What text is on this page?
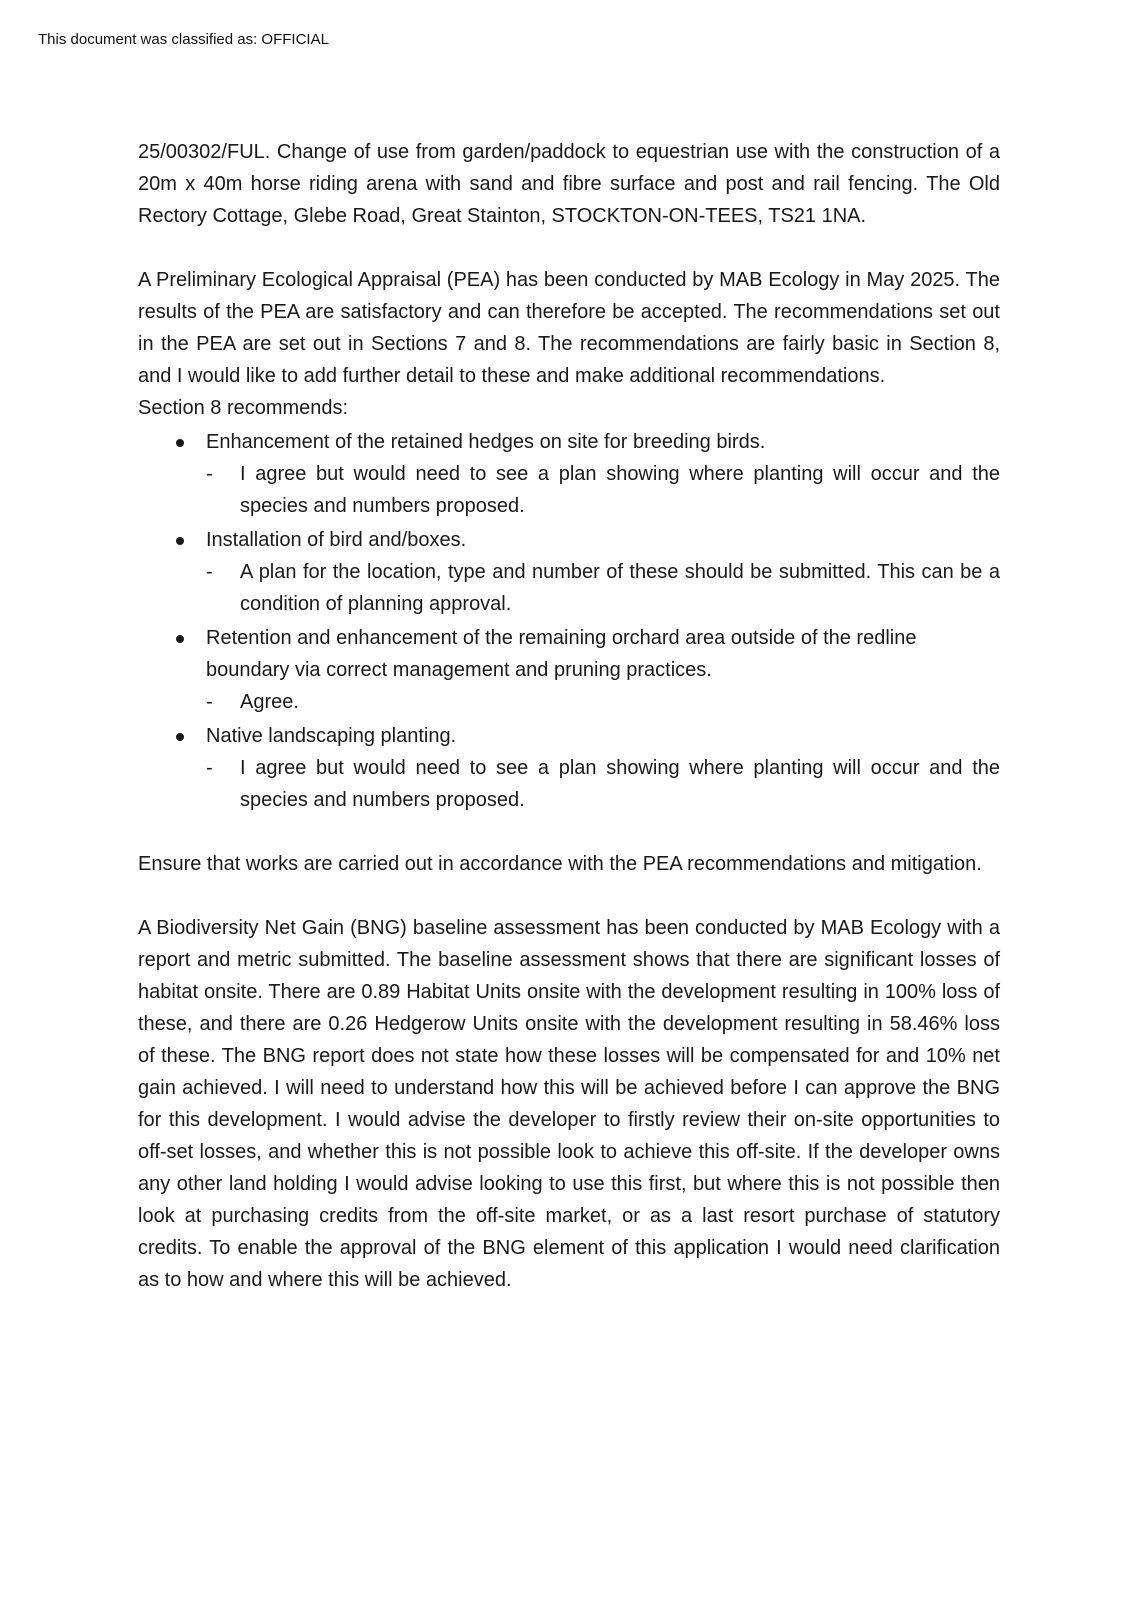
This document was classified as: OFFICIAL

25/00302/FUL. Change of use from garden/paddock to equestrian use with the construction of a 20m x 40m horse riding arena with sand and fibre surface and post and rail fencing. The Old Rectory Cottage, Glebe Road, Great Stainton, STOCKTON-ON-TEES, TS21 1NA.

A Preliminary Ecological Appraisal (PEA) has been conducted by MAB Ecology in May 2025. The results of the PEA are satisfactory and can therefore be accepted. The recommendations set out in the PEA are set out in Sections 7 and 8. The recommendations are fairly basic in Section 8, and I would like to add further detail to these and make additional recommendations.

Section 8 recommends:

Enhancement of the retained hedges on site for breeding birds.
- I agree but would need to see a plan showing where planting will occur and the species and numbers proposed.
Installation of bird and/boxes.
- A plan for the location, type and number of these should be submitted. This can be a condition of planning approval.
Retention and enhancement of the remaining orchard area outside of the redline boundary via correct management and pruning practices.
- Agree.
Native landscaping planting.
- I agree but would need to see a plan showing where planting will occur and the species and numbers proposed.

Ensure that works are carried out in accordance with the PEA recommendations and mitigation.

A Biodiversity Net Gain (BNG) baseline assessment has been conducted by MAB Ecology with a report and metric submitted. The baseline assessment shows that there are significant losses of habitat onsite. There are 0.89 Habitat Units onsite with the development resulting in 100% loss of these, and there are 0.26 Hedgerow Units onsite with the development resulting in 58.46% loss of these. The BNG report does not state how these losses will be compensated for and 10% net gain achieved. I will need to understand how this will be achieved before I can approve the BNG for this development. I would advise the developer to firstly review their on-site opportunities to off-set losses, and whether this is not possible look to achieve this off-site. If the developer owns any other land holding I would advise looking to use this first, but where this is not possible then look at purchasing credits from the off-site market, or as a last resort purchase of statutory credits. To enable the approval of the BNG element of this application I would need clarification as to how and where this will be achieved.
